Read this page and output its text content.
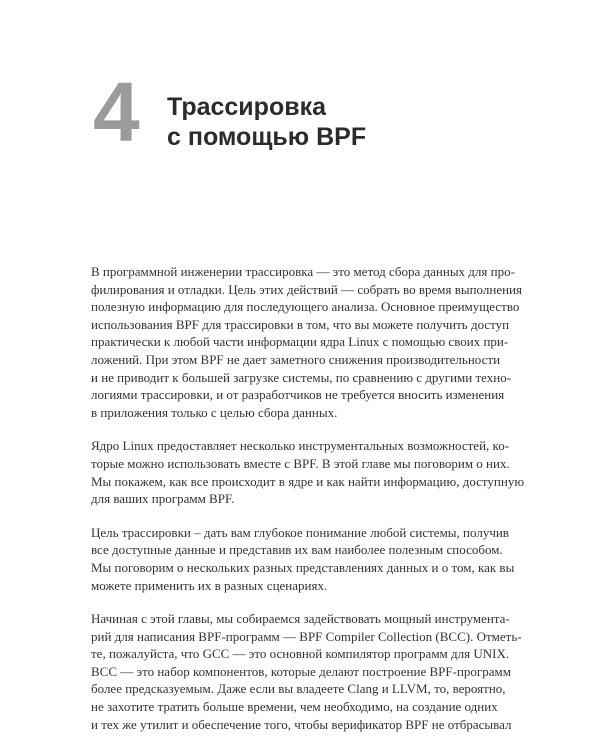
4 Трассировка
с помощью BPF

В программной инженерии трассировка — это метод сбора данных для про-
филирования и отладки. Цель этих действий — собрать во время выполнения
полезную информацию для последующего анализа. Основное преимущество
использования BPF для трассировки в том, что вы можете получить доступ
практически к любой части информации ядра Linux с помощью своих при-
ложений. При этом BPF не дает заметного снижения производительности
и не приводит к большей загрузке системы, по сравнению с другими техно-
логиями трассировки, и от разработчиков не требуется вносить изменения
в приложения только с целью сбора данных.

Ядро Linux предоставляет несколько инструментальных возможностей, ко-
торые можно использовать вместе с BPF. В этой главе мы поговорим о них.
Мы покажем, как все происходит в ядре и как найти информацию, доступную
для ваших программ BPF.

Цель трассировки – дать вам глубокое понимание любой системы, получив
все доступные данные и представив их вам наиболее полезным способом.
Мы поговорим о нескольких разных представлениях данных и о том, как вы
можете применить их в разных сценариях.

Начиная с этой главы, мы собираемся задействовать мощный инструмента-
рий для написания BPF-программ — BPF Compiler Collection (BCC). Отметь-
те, пожалуйста, что GCC — это основной компилятор программ для UNIX.
BCC — это набор компонентов, которые делают построение BPF-программ
более предсказуемым. Даже если вы владеете Clang и LLVM, то, вероятно,
не захотите тратить больше времени, чем необходимо, на создание одних
и тех же утилит и обеспечение того, чтобы верификатор BPF не отбрасывал
